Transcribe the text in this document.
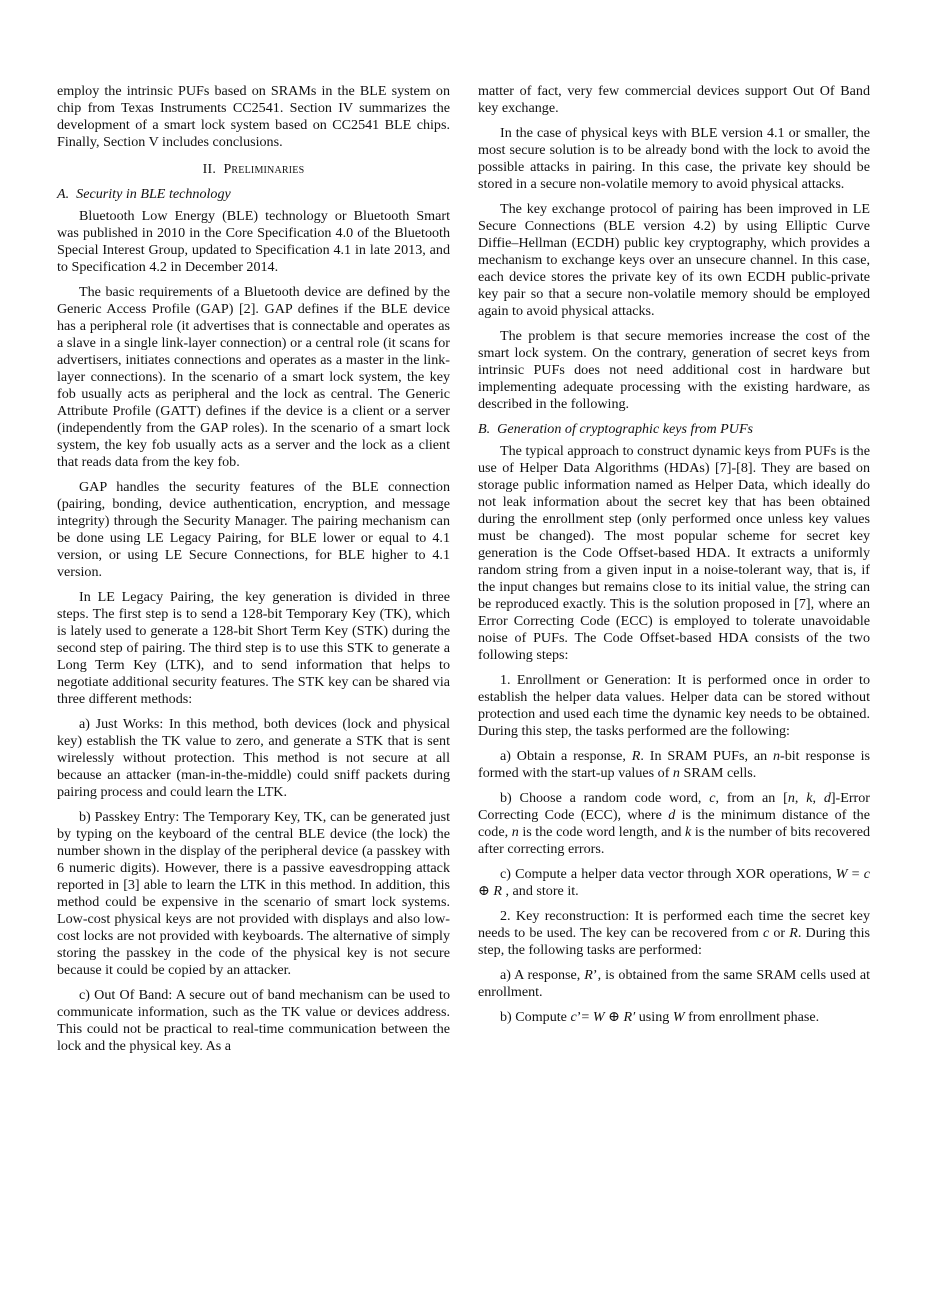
employ the intrinsic PUFs based on SRAMs in the BLE system on chip from Texas Instruments CC2541. Section IV summarizes the development of a smart lock system based on CC2541 BLE chips. Finally, Section V includes conclusions.

II. Preliminaries
A. Security in BLE technology

Bluetooth Low Energy (BLE) technology or Bluetooth Smart was published in 2010 in the Core Specification 4.0 of the Bluetooth Special Interest Group, updated to Specification 4.1 in late 2013, and to Specification 4.2 in December 2014.

The basic requirements of a Bluetooth device are defined by the Generic Access Profile (GAP) [2]. GAP defines if the BLE device has a peripheral role (it advertises that is connectable and operates as a slave in a single link-layer connection) or a central role (it scans for advertisers, initiates connections and operates as a master in the link-layer connections). In the scenario of a smart lock system, the key fob usually acts as peripheral and the lock as central. The Generic Attribute Profile (GATT) defines if the device is a client or a server (independently from the GAP roles). In the scenario of a smart lock system, the key fob usually acts as a server and the lock as a client that reads data from the key fob.

GAP handles the security features of the BLE connection (pairing, bonding, device authentication, encryption, and message integrity) through the Security Manager. The pairing mechanism can be done using LE Legacy Pairing, for BLE lower or equal to 4.1 version, or using LE Secure Connections, for BLE higher to 4.1 version.

In LE Legacy Pairing, the key generation is divided in three steps. The first step is to send a 128-bit Temporary Key (TK), which is lately used to generate a 128-bit Short Term Key (STK) during the second step of pairing. The third step is to use this STK to generate a Long Term Key (LTK), and to send information that helps to negotiate additional security features. The STK key can be shared via three different methods:

a) Just Works: In this method, both devices (lock and physical key) establish the TK value to zero, and generate a STK that is sent wirelessly without protection. This method is not secure at all because an attacker (man-in-the-middle) could sniff packets during pairing process and could learn the LTK.

b) Passkey Entry: The Temporary Key, TK, can be generated just by typing on the keyboard of the central BLE device (the lock) the number shown in the display of the peripheral device (a passkey with 6 numeric digits). However, there is a passive eavesdropping attack reported in [3] able to learn the LTK in this method. In addition, this method could be expensive in the scenario of smart lock systems. Low-cost physical keys are not provided with displays and also low-cost locks are not provided with keyboards. The alternative of simply storing the passkey in the code of the physical key is not secure because it could be copied by an attacker.

c) Out Of Band: A secure out of band mechanism can be used to communicate information, such as the TK value or devices address. This could not be practical to real-time communication between the lock and the physical key. As a

matter of fact, very few commercial devices support Out Of Band key exchange.

In the case of physical keys with BLE version 4.1 or smaller, the most secure solution is to be already bond with the lock to avoid the possible attacks in pairing. In this case, the private key should be stored in a secure non-volatile memory to avoid physical attacks.

The key exchange protocol of pairing has been improved in LE Secure Connections (BLE version 4.2) by using Elliptic Curve Diffie–Hellman (ECDH) public key cryptography, which provides a mechanism to exchange keys over an unsecure channel. In this case, each device stores the private key of its own ECDH public-private key pair so that a secure non-volatile memory should be employed again to avoid physical attacks.

The problem is that secure memories increase the cost of the smart lock system. On the contrary, generation of secret keys from intrinsic PUFs does not need additional cost in hardware but implementing adequate processing with the existing hardware, as described in the following.

B. Generation of cryptographic keys from PUFs

The typical approach to construct dynamic keys from PUFs is the use of Helper Data Algorithms (HDAs) [7]-[8]. They are based on storage public information named as Helper Data, which ideally do not leak information about the secret key that has been obtained during the enrollment step (only performed once unless key values must be changed). The most popular scheme for secret key generation is the Code Offset-based HDA. It extracts a uniformly random string from a given input in a noise-tolerant way, that is, if the input changes but remains close to its initial value, the string can be reproduced exactly. This is the solution proposed in [7], where an Error Correcting Code (ECC) is employed to tolerate unavoidable noise of PUFs. The Code Offset-based HDA consists of the two following steps:

1. Enrollment or Generation: It is performed once in order to establish the helper data values. Helper data can be stored without protection and used each time the dynamic key needs to be obtained. During this step, the tasks performed are the following:

a) Obtain a response, R. In SRAM PUFs, an n-bit response is formed with the start-up values of n SRAM cells.

b) Choose a random code word, c, from an [n, k, d]-Error Correcting Code (ECC), where d is the minimum distance of the code, n is the code word length, and k is the number of bits recovered after correcting errors.

c) Compute a helper data vector through XOR operations, W = c ⊕ R , and store it.

2. Key reconstruction: It is performed each time the secret key needs to be used. The key can be recovered from c or R. During this step, the following tasks are performed:

a) A response, R’, is obtained from the same SRAM cells used at enrollment.

b) Compute c’= W ⊕ R′ using W from enrollment phase.
